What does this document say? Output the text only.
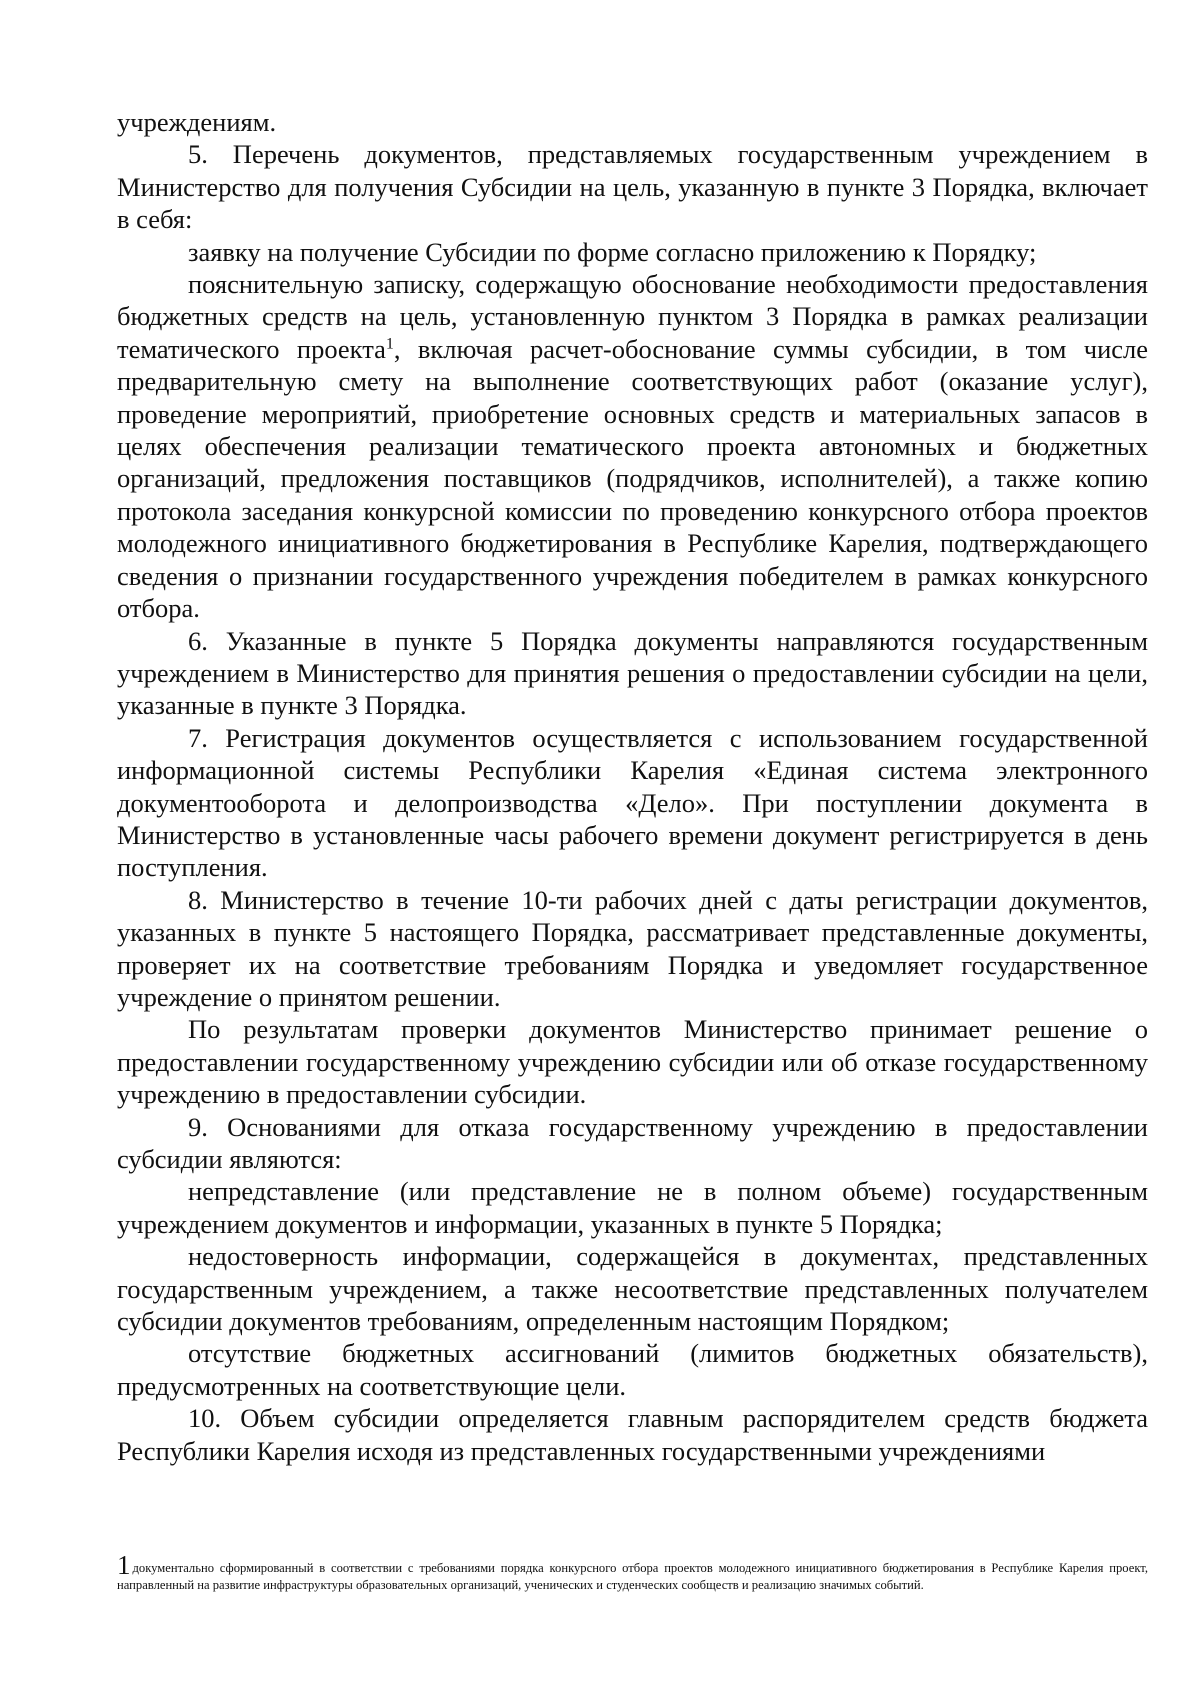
учреждениям.

5. Перечень документов, представляемых государственным учреждением в Министерство для получения Субсидии на цель, указанную в пункте 3 Порядка, включает в себя:

заявку на получение Субсидии по форме согласно приложению к Порядку;

пояснительную записку, содержащую обоснование необходимости предоставления бюджетных средств на цель, установленную пунктом 3 Порядка в рамках реализации тематического проекта$^1$, включая расчет-обоснование суммы субсидии, в том числе предварительную смету на выполнение соответствующих работ (оказание услуг), проведение мероприятий, приобретение основных средств и материальных запасов в целях обеспечения реализации тематического проекта автономных и бюджетных организаций, предложения поставщиков (подрядчиков, исполнителей), а также копию протокола заседания конкурсной комиссии по проведению конкурсного отбора проектов молодежного инициативного бюджетирования в Республике Карелия, подтверждающего сведения о признании государственного учреждения победителем в рамках конкурсного отбора.

6. Указанные в пункте 5 Порядка документы направляются государственным учреждением в Министерство для принятия решения о предоставлении субсидии на цели, указанные в пункте 3 Порядка.

7. Регистрация документов осуществляется с использованием государственной информационной системы Республики Карелия «Единая система электронного документооборота и делопроизводства «Дело». При поступлении документа в Министерство в установленные часы рабочего времени документ регистрируется в день поступления.

8. Министерство в течение 10-ти рабочих дней с даты регистрации документов, указанных в пункте 5 настоящего Порядка, рассматривает представленные документы, проверяет их на соответствие требованиям Порядка и уведомляет государственное учреждение о принятом решении.

По результатам проверки документов Министерство принимает решение о предоставлении государственному учреждению субсидии или об отказе государственному учреждению в предоставлении субсидии.

9. Основаниями для отказа государственному учреждению в предоставлении субсидии являются:

непредставление (или представление не в полном объеме) государственным учреждением документов и информации, указанных в пункте 5 Порядка;

недостоверность информации, содержащейся в документах, представленных государственным учреждением, а также несоответствие представленных получателем субсидии документов требованиям, определенным настоящим Порядком;

отсутствие бюджетных ассигнований (лимитов бюджетных обязательств), предусмотренных на соответствующие цели.

10. Объем субсидии определяется главным распорядителем средств бюджета Республики Карелия исходя из представленных государственными учреждениями

1 документально сформированный в соответствии с требованиями порядка конкурсного отбора проектов молодежного инициативного бюджетирования в Республике Карелия проект, направленный на развитие инфраструктуры образовательных организаций, ученических и студенческих сообществ и реализацию значимых событий.
